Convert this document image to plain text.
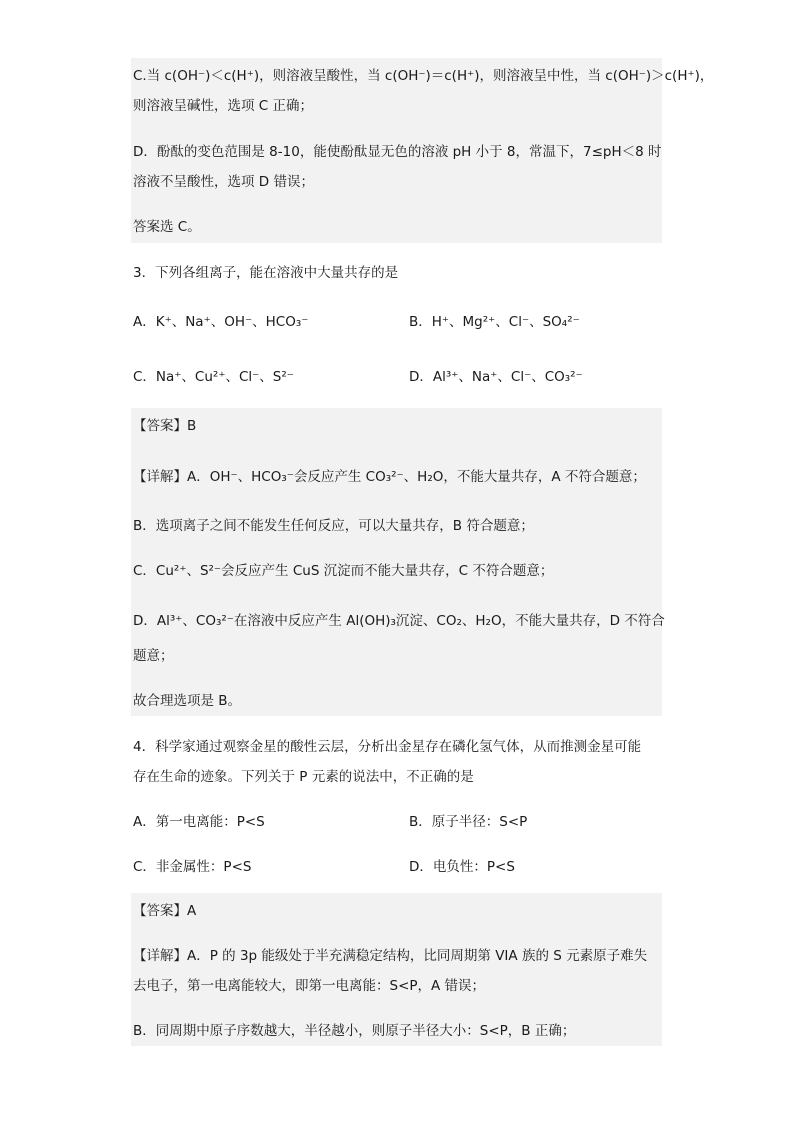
C.当 c(OH⁻)＜c(H⁺)，则溶液呈酸性，当 c(OH⁻)＝c(H⁺)，则溶液呈中性，当 c(OH⁻)＞c(H⁺)，
则溶液呈碱性，选项 C 正确；
D．酚酞的变色范围是 8-10，能使酚酞显无色的溶液 pH 小于 8，常温下，7≤pH＜8 时
溶液不呈酸性，选项 D 错误；
答案选 C。
3．下列各组离子，能在溶液中大量共存的是
A．K⁺、Na⁺、OH⁻、HCO₃⁻	B．H⁺、Mg²⁺、Cl⁻、SO₄²⁻
C．Na⁺、Cu²⁺、Cl⁻、S²⁻	D．Al³⁺、Na⁺、Cl⁻、CO₃²⁻
【答案】B
【详解】A．OH⁻、HCO₃⁻会反应产生 CO₃²⁻、H₂O，不能大量共存，A 不符合题意；
B．选项离子之间不能发生任何反应，可以大量共存，B 符合题意；
C．Cu²⁺、S²⁻会反应产生 CuS 沉淀而不能大量共存，C 不符合题意；
D．Al³⁺、CO₃²⁻在溶液中反应产生 Al(OH)₃沉淀、CO₂、H₂O，不能大量共存，D 不符合
题意；
故合理选项是 B。
4．科学家通过观察金星的酸性云层，分析出金星存在磷化氢气体，从而推测金星可能
存在生命的迹象。下列关于 P 元素的说法中，不正确的是
A．第一电离能：P<S	B．原子半径：S<P
C．非金属性：P<S	D．电负性：P<S
【答案】A
【详解】A．P 的 3p 能级处于半充满稳定结构，比同周期第 VIA 族的 S 元素原子难失
去电子，第一电离能较大，即第一电离能：S<P，A 错误；
B．同周期中原子序数越大，半径越小，则原子半径大小：S<P，B 正确；
